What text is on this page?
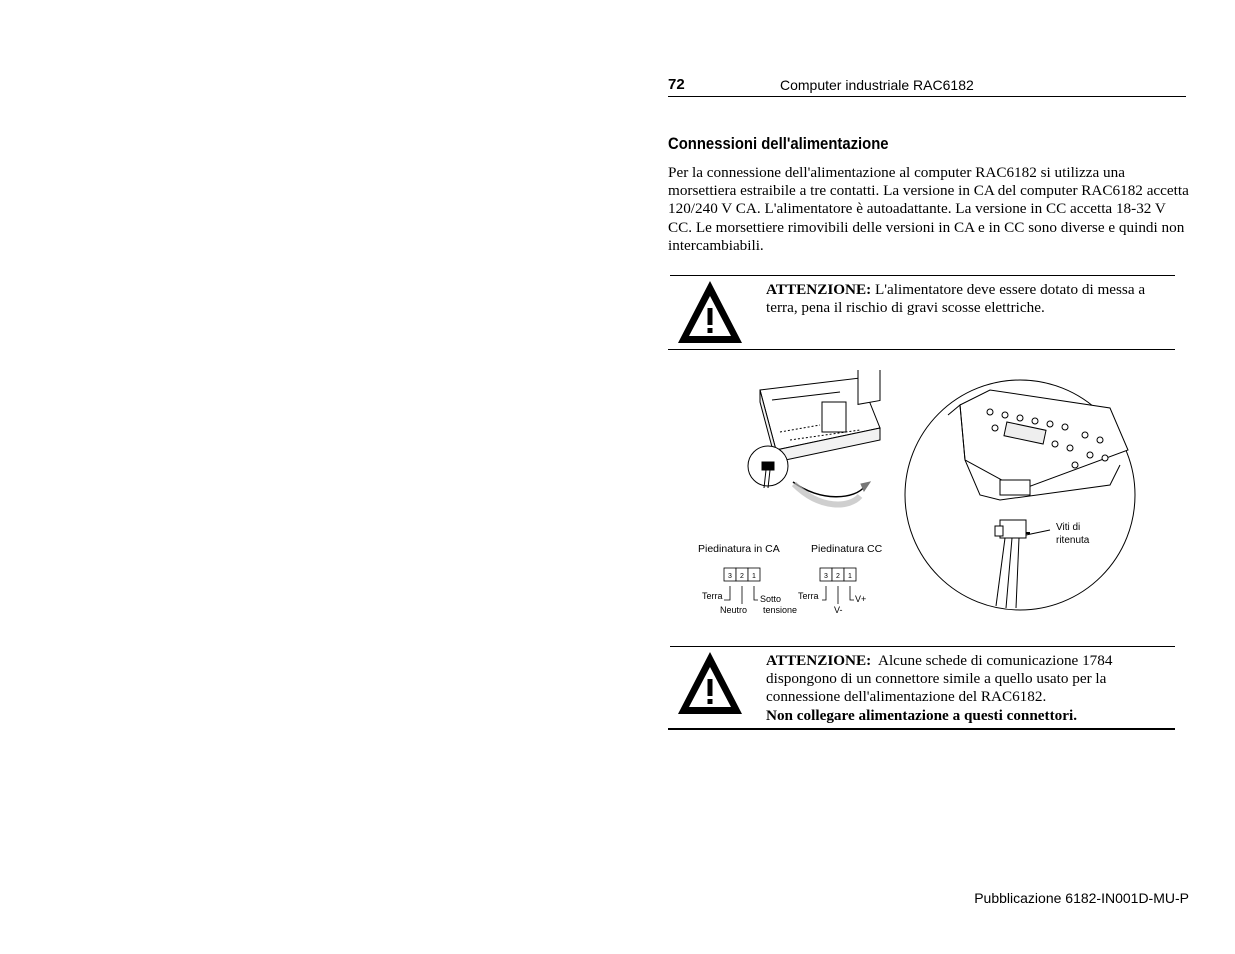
72	Computer industriale RAC6182
Connessioni dell'alimentazione
Per la connessione dell'alimentazione al computer RAC6182 si utilizza una morsettiera estraibile a tre contatti. La versione in CA del computer RAC6182 accetta 120/240 V CA. L'alimentatore è autoadattante. La versione in CC accetta 18-32 V CC. Le morsettiere rimovibili delle versioni in CA e in CC sono diverse e quindi non intercambiabili.
ATTENZIONE: L'alimentatore deve essere dotato di messa a terra, pena il rischio di gravi scosse elettriche.
Viti di
ritenuta
Piedinatura in CA
3 2 1
Terra
Neutro
Sotto
tensione
Piedinatura CC
3 2 1
Terra
V-
V+
ATTENZIONE: Alcune schede di comunicazione 1784 dispongono di un connettore simile a quello usato per la connessione dell'alimentazione del RAC6182.
Non collegare alimentazione a questi connettori.
Pubblicazione 6182-IN001D-MU-P
